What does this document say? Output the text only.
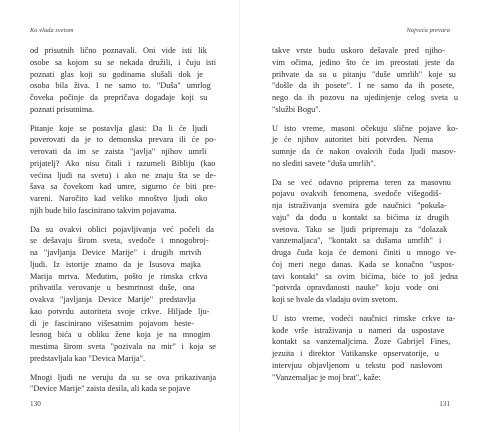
Ko vlada svetom
od prisutnih lično poznavali. Oni vide isti lik
osobe sa kojom su se nekada družili, i čuju isti
poznati glas koji su godinama slušali dok je
osoba bila živa. I ne samo to. "Duša" umrlog
čoveka počinje da prepričava događaje koji su
poznati prisutnima.
Pitanje koje se postavlja glasi: Da li će ljudi
poverovati da je to demonska prevara ili će po-
verovati da im se zaista "javlja" njihov umrli
prijatelj? Ako nisu čitali i razumeli Bibliju (kao
većina ljudi na svetu) i ako ne znaju šta se de-
šava sa čovekom kad umre, sigurno će biti pre-
vareni. Naročito kad veliko mnoštvo ljudi oko
njih bude bilo fascinirano takvim pojavama.
Da su ovakvi oblici pojavljivanja već počeli da
se dešavaju širom sveta, svedoče i mnogobroj-
na "javljanja Device Marije" i drugih mrtvih
ljudi. Iz istorije znamo da je Isusova majka
Marija mrtva. Međutim, pošto je rimska crkva
prihvatila verovanje u besmrtnost duše, ona
ovakva "javljanja Device Marije" predstavlja
kao potvrdu autoriteta svoje crkve. Hiljade lju-
di je fascinirano višesatnim pojavom beste-
lesnog bića u obliku žene koja je na mnogim
mestima širom sveta "pozivala na mir" i koja se
predstavljala kao "Devica Marija".
Mnogi ljudi ne veruju da su se ova prikazivanja
"Device Marije" zaista desila, ali kada se pojave
130
Najveća prevara
takve vrste budu uskoro dešavale pred njiho-
vim očima, jedino što će im preostati jeste da
prihvate da su u pitanju "duše umrlih" koje su
"došle da ih posete". I ne samo da ih posete,
nego da ih pozovu na ujedinjenje celog sveta u
"službi Bogu".
U isto vreme, masoni očekuju slične pojave ko-
je će njihov autoritet biti potvrđen. Nema
sumnje da će nakon ovakvih čuda ljudi masov-
no slediti savete "duša umrlih".
Da se već odavno priprema teren za masovnu
pojavu ovakvih fenomena, svedoče višegodiš-
nja istraživanja svemira gde naučnici "pokuša-
vaju" da dođu u kontakt sa bićima iz drugih
svetova. Tako se ljudi pripremaju za "dolazak
vanzemaljaca", "kontakt sa dušama umrlih" i
druga čuda koja će demoni činiti u mnogo ve-
ćoj meri nego danas. Kada se konačno "uspos-
tavi kontakt" sa ovim bićima, biće to još jedna
"potvrda opravdanosti nauke" koju vode oni
koji se hvale da vladaju ovim svetom.
U isto vreme, vodeći naučnici rimske crkve ta-
kođe vrše istraživanja u nameri da uspostave
kontakt sa vanzemaljcima. Žoze Gabrijel Fines,
jezuita i direktor Vatikanske opservatorije, u
intervjuu objavljenom u tekstu pod naslovom
"Vanzemaljac je moj brat", kaže:
131
